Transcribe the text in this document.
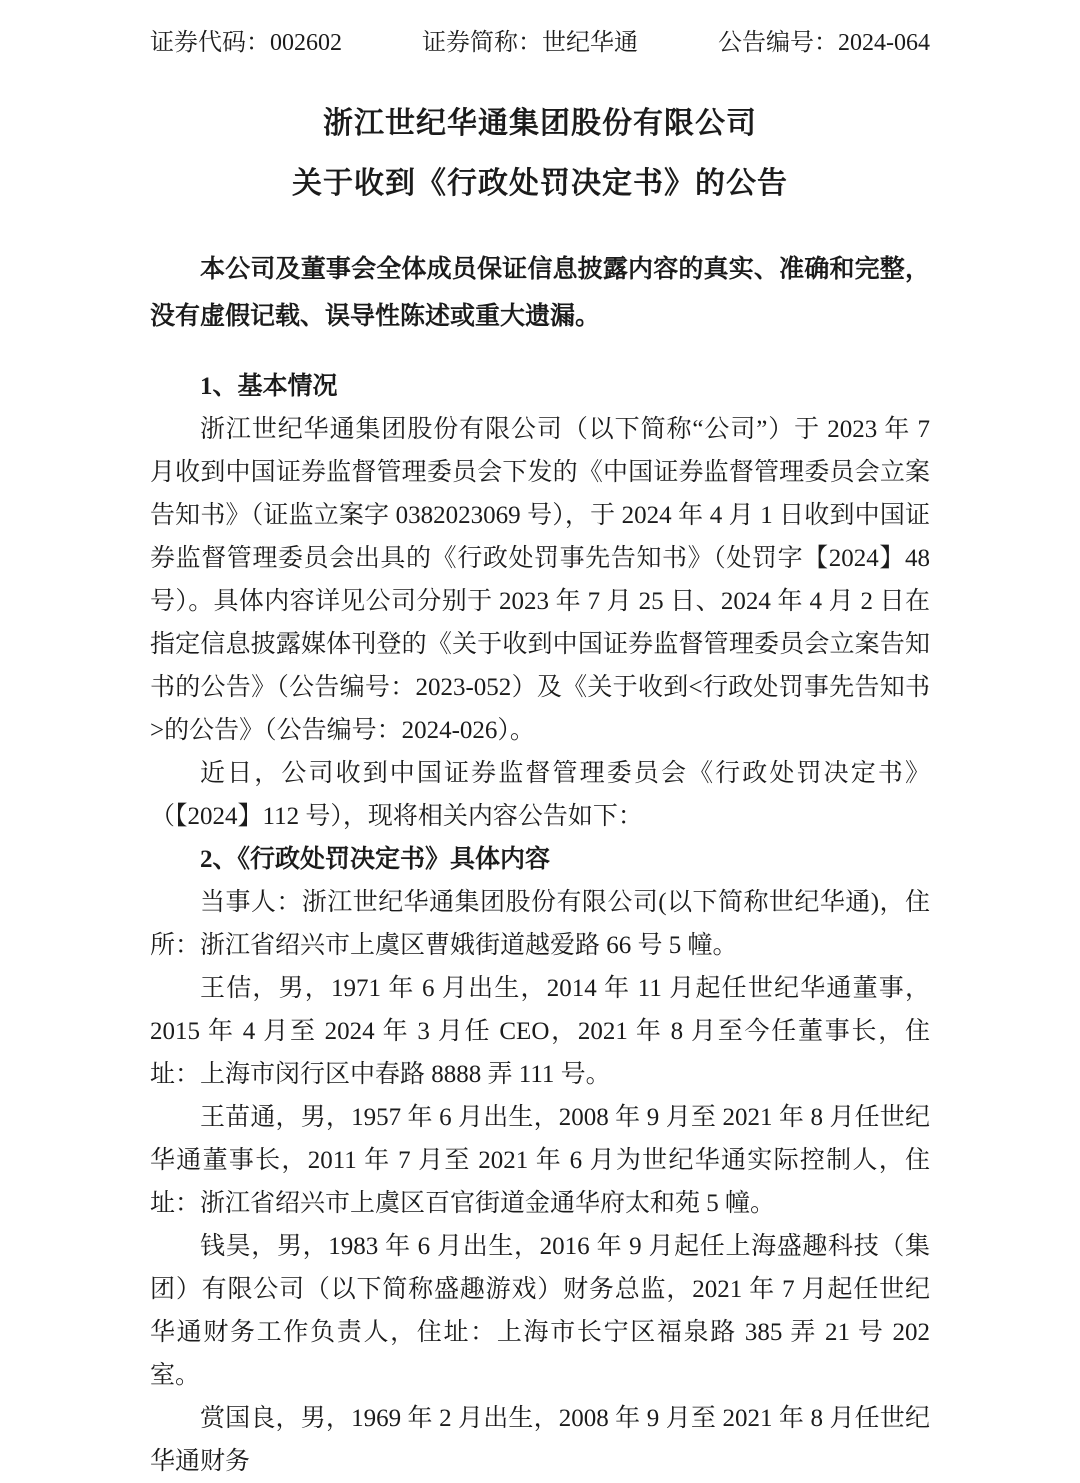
证券代码：002602	证券简称：世纪华通	公告编号：2024-064
浙江世纪华通集团股份有限公司
关于收到《行政处罚决定书》的公告

本公司及董事会全体成员保证信息披露内容的真实、准确和完整，没有虚假记载、误导性陈述或重大遗漏。

1、基本情况

浙江世纪华通集团股份有限公司（以下简称“公司”）于 2023 年 7 月收到中国证券监督管理委员会下发的《中国证券监督管理委员会立案告知书》（证监立案字 0382023069 号），于 2024 年 4 月 1 日收到中国证券监督管理委员会出具的《行政处罚事先告知书》（处罚字【2024】48 号）。具体内容详见公司分别于 2023 年 7 月 25 日、2024 年 4 月 2 日在指定信息披露媒体刊登的《关于收到中国证券监督管理委员会立案告知书的公告》（公告编号：2023-052）及《关于收到<行政处罚事先告知书>的公告》（公告编号：2024-026）。

近日，公司收到中国证券监督管理委员会《行政处罚决定书》（【2024】112 号），现将相关内容公告如下：

2、《行政处罚决定书》具体内容

当事人：浙江世纪华通集团股份有限公司(以下简称世纪华通)，住所：浙江省绍兴市上虞区曹娥街道越爱路 66 号 5 幢。

王佶，男，1971 年 6 月出生，2014 年 11 月起任世纪华通董事，2015 年 4 月至 2024 年 3 月任 CEO，2021 年 8 月至今任董事长，住址：上海市闵行区中春路 8888 弄 111 号。

王苗通，男，1957 年 6 月出生，2008 年 9 月至 2021 年 8 月任世纪华通董事长，2011 年 7 月至 2021 年 6 月为世纪华通实际控制人，住址：浙江省绍兴市上虞区百官街道金通华府太和苑 5 幢。

钱昊，男，1983 年 6 月出生，2016 年 9 月起任上海盛趣科技（集团）有限公司（以下简称盛趣游戏）财务总监，2021 年 7 月起任世纪华通财务工作负责人，住址：上海市长宁区福泉路 385 弄 21 号 202 室。

赏国良，男，1969 年 2 月出生，2008 年 9 月至 2021 年 8 月任世纪华通财务
